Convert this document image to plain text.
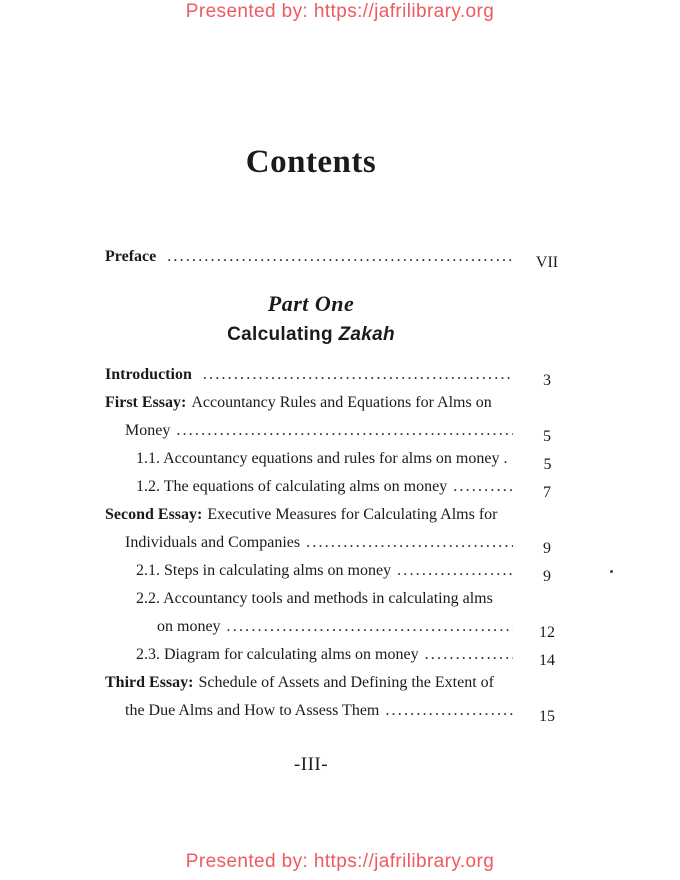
Presented by: https://jafrilibrary.org
Contents
Preface .....	VII
Part One
Calculating Zakah
Introduction .....	3
First Essay: Accountancy Rules and Equations for Alms on
Money .....	5
1.1. Accountancy equations and rules for alms on money .	5
1.2. The equations of calculating alms on money .....	7
Second Essay: Executive Measures for Calculating Alms for
Individuals and Companies .....	9
2.1. Steps in calculating alms on money .....	9
2.2. Accountancy tools and methods in calculating alms
on money .....	12
2.3. Diagram for calculating alms on money .....	14
Third Essay: Schedule of Assets and Defining the Extent of
the Due Alms and How to Assess Them .....	15
-III-
Presented by: https://jafrilibrary.org
